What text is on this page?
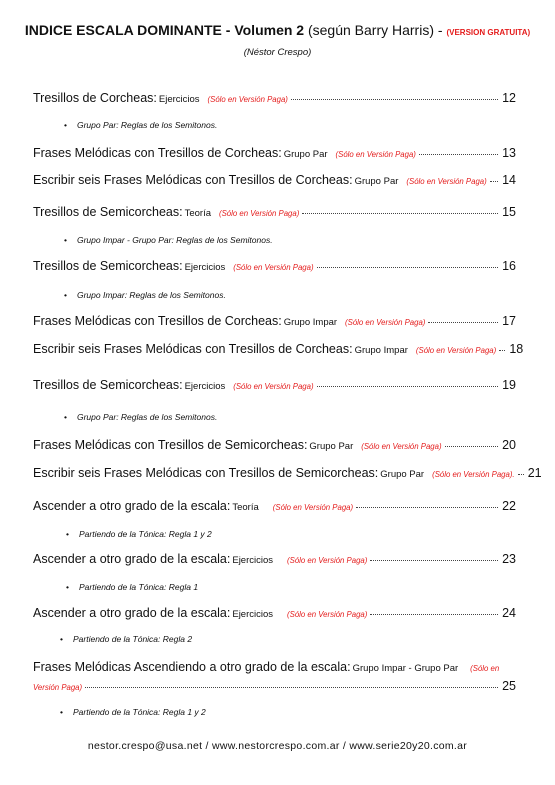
INDICE ESCALA DOMINANTE - Volumen 2 (según Barry Harris) - (VERSION GRATUITA)
(Néstor Crespo)
Tresillos de Corcheas: Ejercicios (Sólo en Versión Paga)	12
• Grupo Par: Reglas de los Semitonos.
Frases Melódicas con Tresillos de Corcheas: Grupo Par (Sólo en Versión Paga)	13
Escribir seis Frases Melódicas con Tresillos de Corcheas: Grupo Par (Sólo en Versión Paga) 14
Tresillos de Semicorcheas: Teoría (Sólo en Versión Paga)	15
• Grupo Impar - Grupo Par: Reglas de los Semitonos.
Tresillos de Semicorcheas: Ejercicios (Sólo en Versión Paga)	16
• Grupo Impar: Reglas de los Semitonos.
Frases Melódicas con Tresillos de Corcheas: Grupo Impar (Sólo en Versión Paga)	17
Escribir seis Frases Melódicas con Tresillos de Corcheas: Grupo Impar (Sólo en Versión Paga) 18
Tresillos de Semicorcheas: Ejercicios (Sólo en Versión Paga)	19
• Grupo Par: Reglas de los Semitonos.
Frases Melódicas con Tresillos de Semicorcheas: Grupo Par (Sólo en Versión Paga)	20
Escribir seis Frases Melódicas con Tresillos de Semicorcheas: Grupo Par (Sólo en Versión Paga). 21
Ascender a otro grado de la escala: Teoría (Sólo en Versión Paga)	22
• Partiendo de la Tónica: Regla 1 y 2
Ascender a otro grado de la escala: Ejercicios (Sólo en Versión Paga)	23
• Partiendo de la Tónica: Regla 1
Ascender a otro grado de la escala: Ejercicios (Sólo en Versión Paga)	24
• Partiendo de la Tónica: Regla 2
Frases Melódicas Ascendiendo a otro grado de la escala: Grupo Impar - Grupo Par (Sólo en
Versión Paga)	25
• Partiendo de la Tónica: Regla 1 y 2
nestor.crespo@usa.net / www.nestorcrespo.com.ar / www.serie20y20.com.ar
